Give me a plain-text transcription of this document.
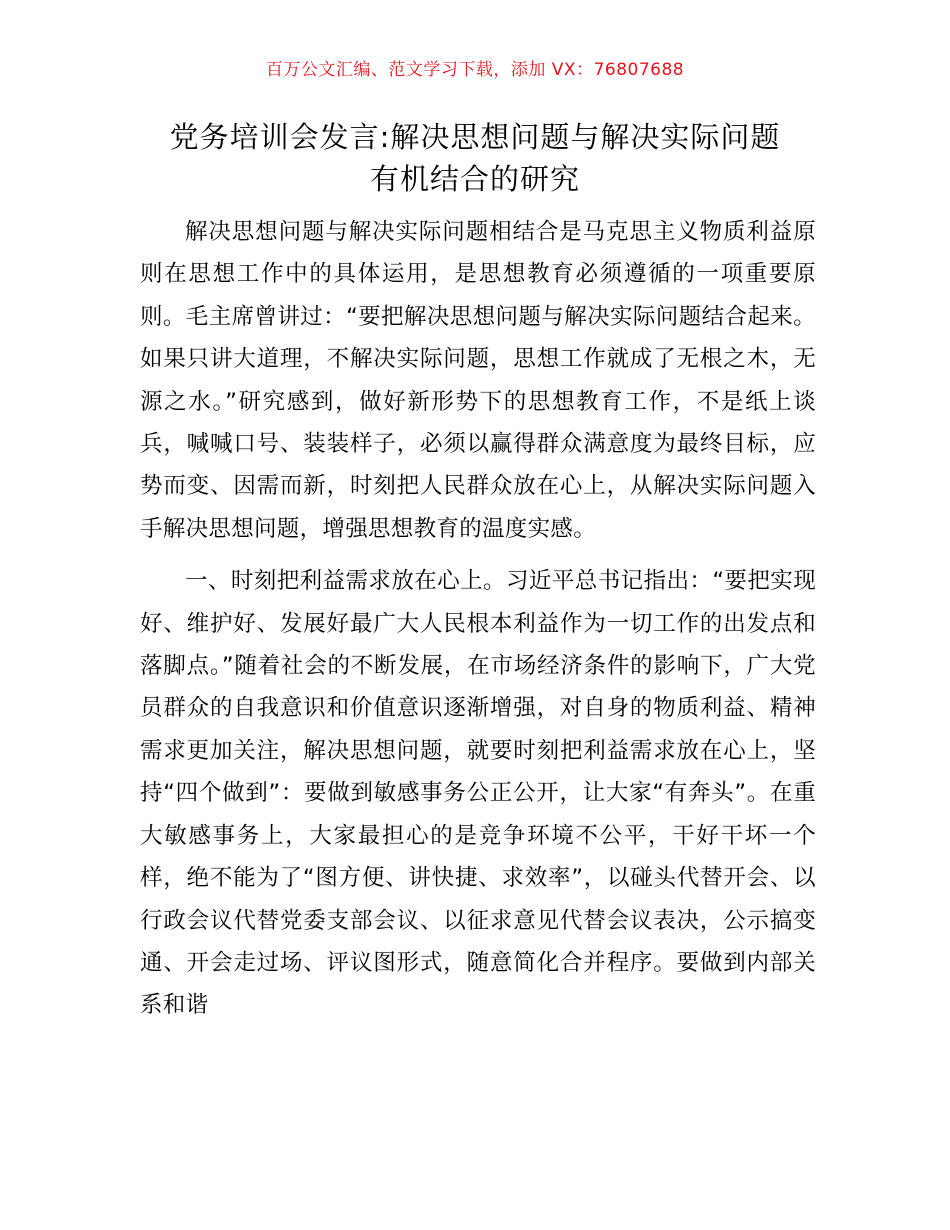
百万公文汇编、范文学习下载，添加 VX：76807688
党务培训会发言:解决思想问题与解决实际问题
有机结合的研究

解决思想问题与解决实际问题相结合是马克思主义物质利益原则在思想工作中的具体运用，是思想教育必须遵循的一项重要原则。毛主席曾讲过：“要把解决思想问题与解决实际问题结合起来。如果只讲大道理，不解决实际问题，思想工作就成了无根之木，无源之水。”研究感到，做好新形势下的思想教育工作，不是纸上谈兵，喊喊口号、装装样子，必须以赢得群众满意度为最终目标，应势而变、因需而新，时刻把人民群众放在心上，从解决实际问题入手解决思想问题，增强思想教育的温度实感。

一、时刻把利益需求放在心上。习近平总书记指出：“要把实现好、维护好、发展好最广大人民根本利益作为一切工作的出发点和落脚点。”随着社会的不断发展，在市场经济条件的影响下，广大党员群众的自我意识和价值意识逐渐增强，对自身的物质利益、精神需求更加关注，解决思想问题，就要时刻把利益需求放在心上，坚持“四个做到”：要做到敏感事务公正公开，让大家“有奔头”。在重大敏感事务上，大家最担心的是竞争环境不公平，干好干坏一个样，绝不能为了“图方便、讲快捷、求效率”，以碰头代替开会、以行政会议代替党委支部会议、以征求意见代替会议表决，公示搞变通、开会走过场、评议图形式，随意简化合并程序。要做到内部关系和谐
